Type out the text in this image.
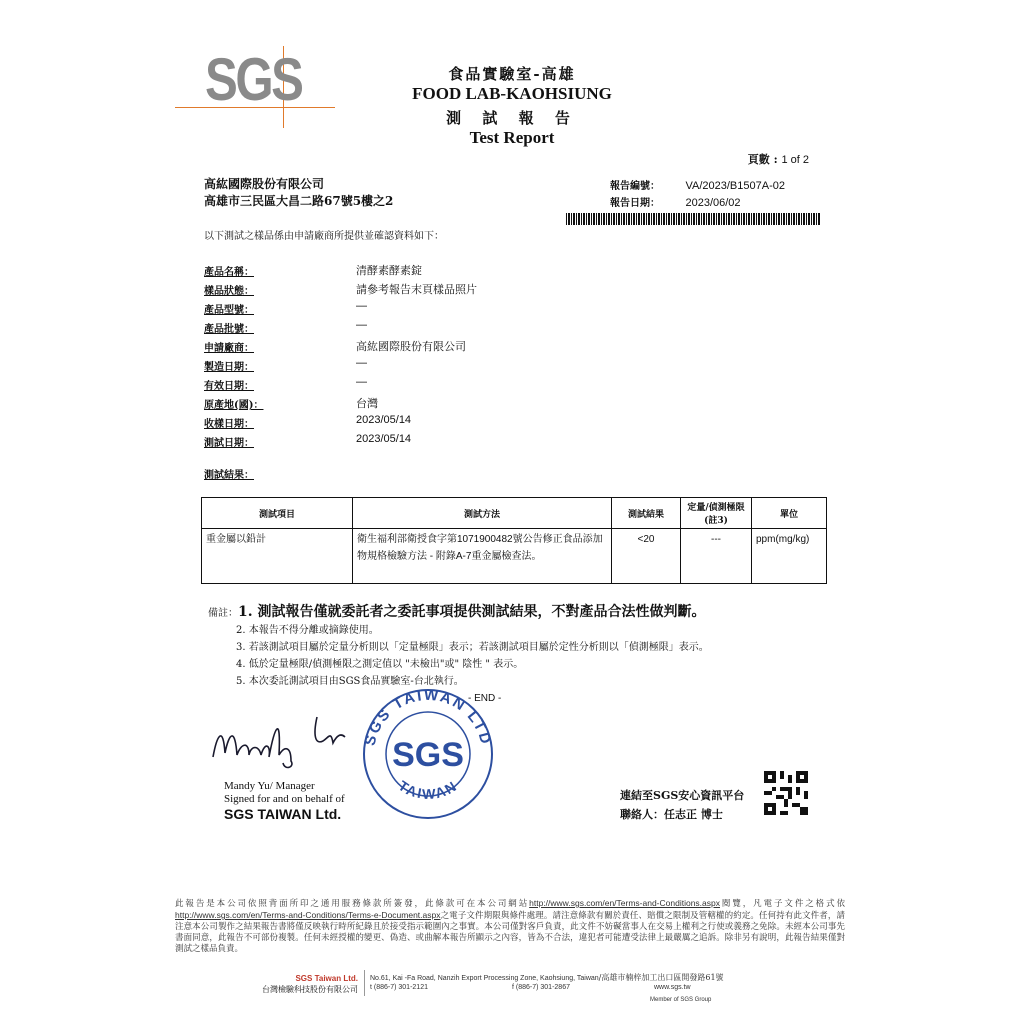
SGS	食品實驗室-高雄
FOOD LAB-KAOHSIUNG
測 試 報 告
Test Report
頁數 : 1 of 2
高紘國際股份有限公司
高雄市三民區大昌二路67號5樓之2
報告編號： VA/2023/B1507A-02
報告日期： 2023/06/02
以下測試之樣品係由申請廠商所提供並確認資料如下：
產品名稱：	清酵素酵素錠
樣品狀態：	請參考報告末頁樣品照片
產品型號：	—
產品批號：	—
申請廠商：	高紘國際股份有限公司
製造日期：	—
有效日期：	—
原產地(國)：	台灣
收樣日期：	2023/05/14
測試日期：	2023/05/14
測試結果：
測試項目	測試方法	測試結果	定量/偵測極限(註3)	單位
重金屬以鉛計	衛生福利部衛授食字第1071900482號公告修正食品添加物規格檢驗方法 - 附錄A-7重金屬檢查法。	<20	---	ppm(mg/kg)
備註：1. 測試報告僅就委託者之委託事項提供測試結果，不對產品合法性做判斷。
2. 本報告不得分離或摘錄使用。
3. 若該測試項目屬於定量分析則以「定量極限」表示；若該測試項目屬於定性分析則以「偵測極限」表示。
4. 低於定量極限/偵測極限之測定值以 "未檢出"或" 陰性 " 表示。
5. 本次委託測試項目由SGS食品實驗室-台北執行。
- END -
Mandy Lu
Mandy Yu/ Manager
Signed for and on behalf of
SGS TAIWAN Ltd.
SGS TAIWAN LTD
TAIWAN
SGS
連結至SGS安心資訊平台
聯絡人：任志正 博士
此報告是本公司依照背面所印之通用服務條款所簽發，此條款可在本公司網站http://www.sgs.com/en/Terms-and-Conditions.aspx閱覽，凡電子文件之格式依http://www.sgs.com/en/Terms-and-Conditions/Terms-e-Document.aspx之電子文件期限與條件處理。請注意條款有關於責任、賠償之限制及管轄權的約定。任何持有此文件者，請注意本公司製作之結果報告書將僅反映執行時所紀錄且於接受指示範圍內之事實。本公司僅對客戶負責，此文件不妨礙當事人在交易上權利之行使或義務之免除。未經本公司事先書面同意，此報告不可部份複製。任何未經授權的變更、偽造、或曲解本報告所顯示之內容，皆為不合法，違犯者可能遭受法律上最嚴厲之追訴。除非另有說明，此報告結果僅對測試之樣品負責。
SGS Taiwan Ltd.
台灣檢驗科技股份有限公司
No.61, Kai -Fa Road, Nanzih Export Processing Zone, Kaohsiung, Taiwan/高雄市楠梓加工出口區開發路61號
t (886-7) 301-2121	f (886-7) 301-2867	www.sgs.tw
Member of SGS Group
